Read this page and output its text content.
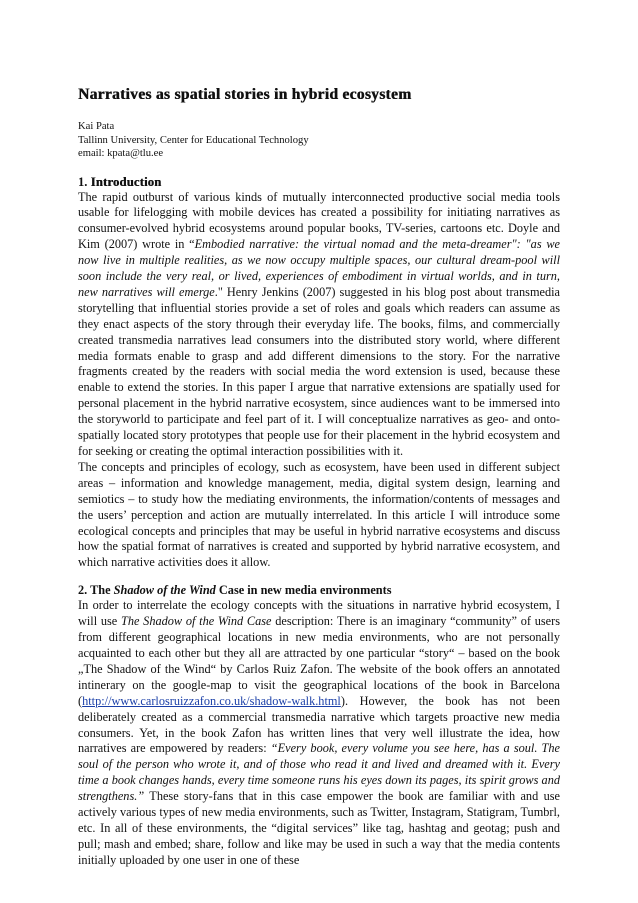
Narratives as spatial stories in hybrid ecosystem
Kai Pata
Tallinn University, Center for Educational Technology
email: kpata@tlu.ee
1. Introduction

The rapid outburst of various kinds of mutually interconnected productive social media tools usable for lifelogging with mobile devices has created a possibility for initiating narratives as consumer-evolved hybrid ecosystems around popular books, TV-series, cartoons etc. Doyle and Kim (2007) wrote in “Embodied narrative: the virtual nomad and the meta-dreamer": "as we now live in multiple realities, as we now occupy multiple spaces, our cultural dream-pool will soon include the very real, or lived, experiences of embodiment in virtual worlds, and in turn, new narratives will emerge." Henry Jenkins (2007) suggested in his blog post about transmedia storytelling that influential stories provide a set of roles and goals which readers can assume as they enact aspects of the story through their everyday life. The books, films, and commercially created transmedia narratives lead consumers into the distributed story world, where different media formats enable to grasp and add different dimensions to the story. For the narrative fragments created by the readers with social media the word extension is used, because these enable to extend the stories. In this paper I argue that narrative extensions are spatially used for personal placement in the hybrid narrative ecosystem, since audiences want to be immersed into the storyworld to participate and feel part of it. I will conceptualize narratives as geo- and onto-spatially located story prototypes that people use for their placement in the hybrid ecosystem and for seeking or creating the optimal interaction possibilities with it.

The concepts and principles of ecology, such as ecosystem, have been used in different subject areas – information and knowledge management, media, digital system design, learning and semiotics – to study how the mediating environments, the information/contents of messages and the users’ perception and action are mutually interrelated. In this article I will introduce some ecological concepts and principles that may be useful in hybrid narrative ecosystems and discuss how the spatial format of narratives is created and supported by hybrid narrative ecosystem, and which narrative activities does it allow.

2. The Shadow of the Wind Case in new media environments

In order to interrelate the ecology concepts with the situations in narrative hybrid ecosystem, I will use The Shadow of the Wind Case description: There is an imaginary “community” of users from different geographical locations in new media environments, who are not personally acquainted to each other but they all are attracted by one particular “story“ – based on the book „The Shadow of the Wind“ by Carlos Ruiz Zafon. The website of the book offers an annotated intinerary on the google-map to visit the geographical locations of the book in Barcelona (http://www.carlosruizzafon.co.uk/shadow-walk.html). However, the book has not been deliberately created as a commercial transmedia narrative which targets proactive new media consumers. Yet, in the book Zafon has written lines that very well illustrate the idea, how narratives are empowered by readers: “Every book, every volume you see here, has a soul. The soul of the person who wrote it, and of those who read it and lived and dreamed with it. Every time a book changes hands, every time someone runs his eyes down its pages, its spirit grows and strengthens.” These story-fans that in this case empower the book are familiar with and use actively various types of new media environments, such as Twitter, Instagram, Statigram, Tumbrl, etc. In all of these environments, the “digital services” like tag, hashtag and geotag; push and pull; mash and embed; share, follow and like may be used in such a way that the media contents initially uploaded by one user in one of these
